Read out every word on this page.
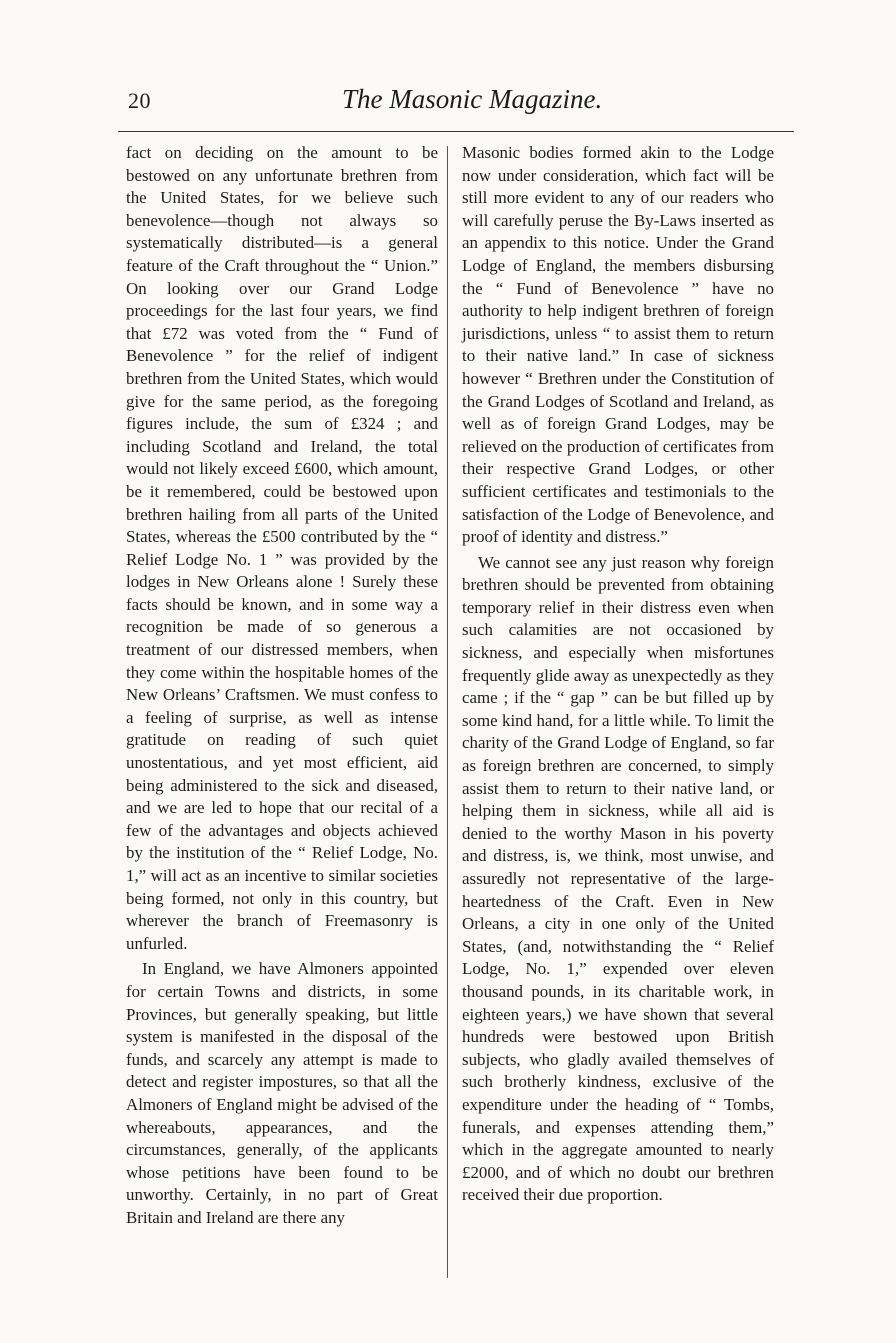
20	The Masonic Magazine.

fact on deciding on the amount to be bestowed on any unfortunate brethren from the United States, for we believe such benevolence—though not always so systematically distributed—is a general feature of the Craft throughout the “ Union.” On looking over our Grand Lodge proceedings for the last four years, we find that £72 was voted from the “ Fund of Benevolence ” for the relief of indigent brethren from the United States, which would give for the same period, as the foregoing figures include, the sum of £324 ; and including Scotland and Ireland, the total would not likely exceed £600, which amount, be it remembered, could be bestowed upon brethren hailing from all parts of the United States, whereas the £500 contributed by the “ Relief Lodge No. 1 ” was provided by the lodges in New Orleans alone ! Surely these facts should be known, and in some way a recognition be made of so generous a treatment of our distressed members, when they come within the hospitable homes of the New Orleans’ Craftsmen. We must confess to a feeling of surprise, as well as intense gratitude on reading of such quiet unostentatious, and yet most efficient, aid being administered to the sick and diseased, and we are led to hope that our recital of a few of the advantages and objects achieved by the institution of the “ Relief Lodge, No. 1,” will act as an incentive to similar societies being formed, not only in this country, but wherever the branch of Freemasonry is unfurled.

In England, we have Almoners appointed for certain Towns and districts, in some Provinces, but generally speaking, but little system is manifested in the disposal of the funds, and scarcely any attempt is made to detect and register impostures, so that all the Almoners of England might be advised of the whereabouts, appearances, and the circumstances, generally, of the applicants whose petitions have been found to be unworthy. Certainly, in no part of Great Britain and Ireland are there any

Masonic bodies formed akin to the Lodge now under consideration, which fact will be still more evident to any of our readers who will carefully peruse the By-Laws inserted as an appendix to this notice. Under the Grand Lodge of England, the members disbursing the “ Fund of Benevolence ” have no authority to help indigent brethren of foreign jurisdictions, unless “ to assist them to return to their native land.” In case of sickness however “ Brethren under the Constitution of the Grand Lodges of Scotland and Ireland, as well as of foreign Grand Lodges, may be relieved on the production of certificates from their respective Grand Lodges, or other sufficient certificates and testimonials to the satisfaction of the Lodge of Benevolence, and proof of identity and distress.”

We cannot see any just reason why foreign brethren should be prevented from obtaining temporary relief in their distress even when such calamities are not occasioned by sickness, and especially when misfortunes frequently glide away as unexpectedly as they came ; if the “ gap ” can be but filled up by some kind hand, for a little while. To limit the charity of the Grand Lodge of England, so far as foreign brethren are concerned, to simply assist them to return to their native land, or helping them in sickness, while all aid is denied to the worthy Mason in his poverty and distress, is, we think, most unwise, and assuredly not representative of the large-heartedness of the Craft. Even in New Orleans, a city in one only of the United States, (and, notwithstanding the “ Relief Lodge, No. 1,” expended over eleven thousand pounds, in its charitable work, in eighteen years,) we have shown that several hundreds were bestowed upon British subjects, who gladly availed themselves of such brotherly kindness, exclusive of the expenditure under the heading of “ Tombs, funerals, and expenses attending them,” which in the aggregate amounted to nearly £2000, and of which no doubt our brethren received their due proportion.
